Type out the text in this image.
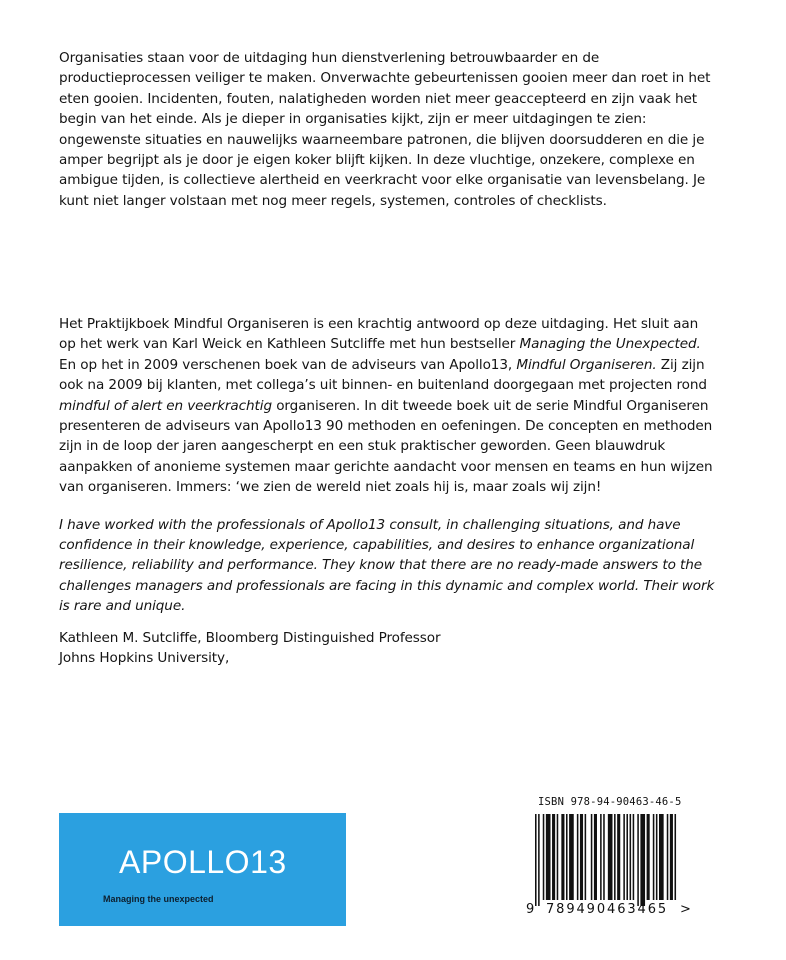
Organisaties staan voor de uitdaging hun dienstverlening betrouwbaarder en de productieprocessen veiliger te maken. Onverwachte gebeurtenissen gooien meer dan roet in het eten gooien. Incidenten, fouten, nalatigheden worden niet meer geaccepteerd en zijn vaak het begin van het einde. Als je dieper in organisaties kijkt, zijn er meer uitdagingen te zien: ongewenste situaties en nauwelijks waarneembare patronen, die blijven doorsudderen en die je amper begrijpt als je door je eigen koker blijft kijken. In deze vluchtige, onzekere, complexe en ambigue tijden, is collectieve alertheid en veerkracht voor elke organisatie van levensbelang. Je kunt niet langer volstaan met nog meer regels, systemen, controles of checklists.

Het Praktijkboek Mindful Organiseren is een krachtig antwoord op deze uitdaging. Het sluit aan op het werk van Karl Weick en Kathleen Sutcliffe met hun bestseller Managing the Unexpected. En op het in 2009 verschenen boek van de adviseurs van Apollo13, Mindful Organiseren. Zij zijn ook na 2009 bij klanten, met collega’s uit binnen- en buitenland doorgegaan met projecten rond mindful of alert en veerkrachtig organiseren. In dit tweede boek uit de serie Mindful Organiseren presenteren de adviseurs van Apollo13 90 methoden en oefeningen. De concepten en methoden zijn in de loop der jaren aangescherpt en een stuk praktischer geworden. Geen blauwdruk aanpakken of anonieme systemen maar gerichte aandacht voor mensen en teams en hun wijzen van organiseren. Immers: ‘we zien de wereld niet zoals hij is, maar zoals wij zijn!

I have worked with the professionals of Apollo13 consult, in challenging situations, and have confidence in their knowledge, experience, capabilities, and desires to enhance organizational resilience, reliability and performance. They know that there are no ready-made answers to the challenges managers and professionals are facing in this dynamic and complex world. Their work is rare and unique.

Kathleen M. Sutcliffe, Bloomberg Distinguished Professor
Johns Hopkins University,

APOLLO13
Managing the unexpected
ISBN 978-94-90463-46-5
9 789490463465 >
